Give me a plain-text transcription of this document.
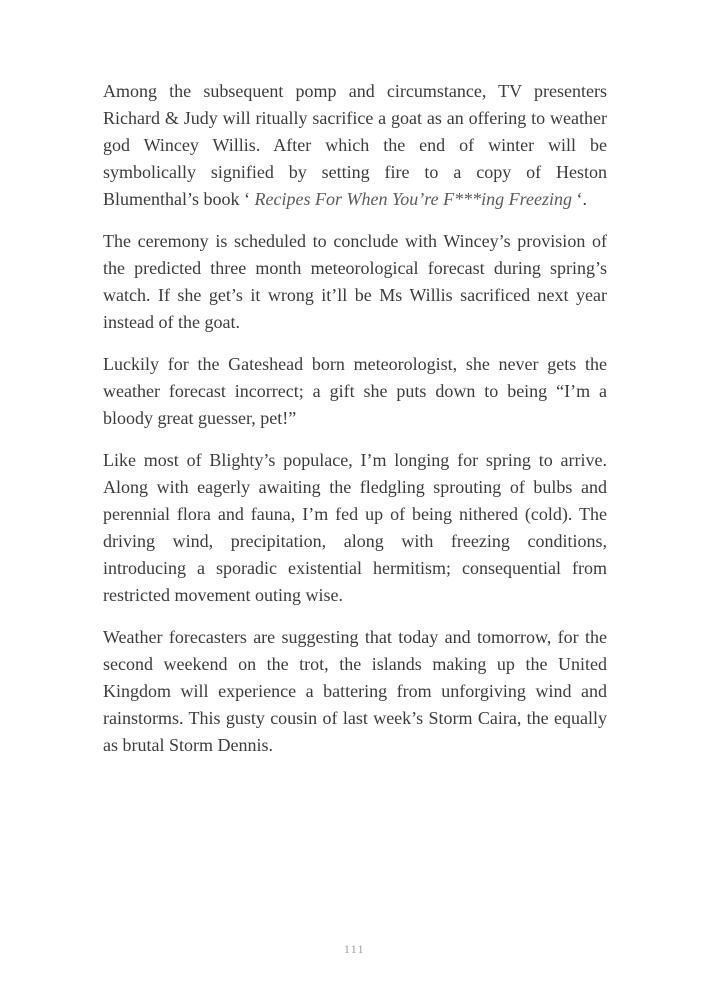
Among the subsequent pomp and circumstance, TV presenters Richard & Judy will ritually sacrifice a goat as an offering to weather god Wincey Willis. After which the end of winter will be symbolically signified by setting fire to a copy of Heston Blumenthal’s book ‘ Recipes For When You’re F***ing Freezing ‘.

The ceremony is scheduled to conclude with Wincey’s provision of the predicted three month meteorological forecast during spring’s watch. If she get’s it wrong it’ll be Ms Willis sacrificed next year instead of the goat.

Luckily for the Gateshead born meteorologist, she never gets the weather forecast incorrect; a gift she puts down to being “I’m a bloody great guesser, pet!”

Like most of Blighty’s populace, I’m longing for spring to arrive. Along with eagerly awaiting the fledgling sprouting of bulbs and perennial flora and fauna, I’m fed up of being nithered (cold). The driving wind, precipitation, along with freezing conditions, introducing a sporadic existential hermitism; consequential from restricted movement outing wise.

Weather forecasters are suggesting that today and tomorrow, for the second weekend on the trot, the islands making up the United Kingdom will experience a battering from unforgiving wind and rainstorms. This gusty cousin of last week’s Storm Caira, the equally as brutal Storm Dennis.

111
